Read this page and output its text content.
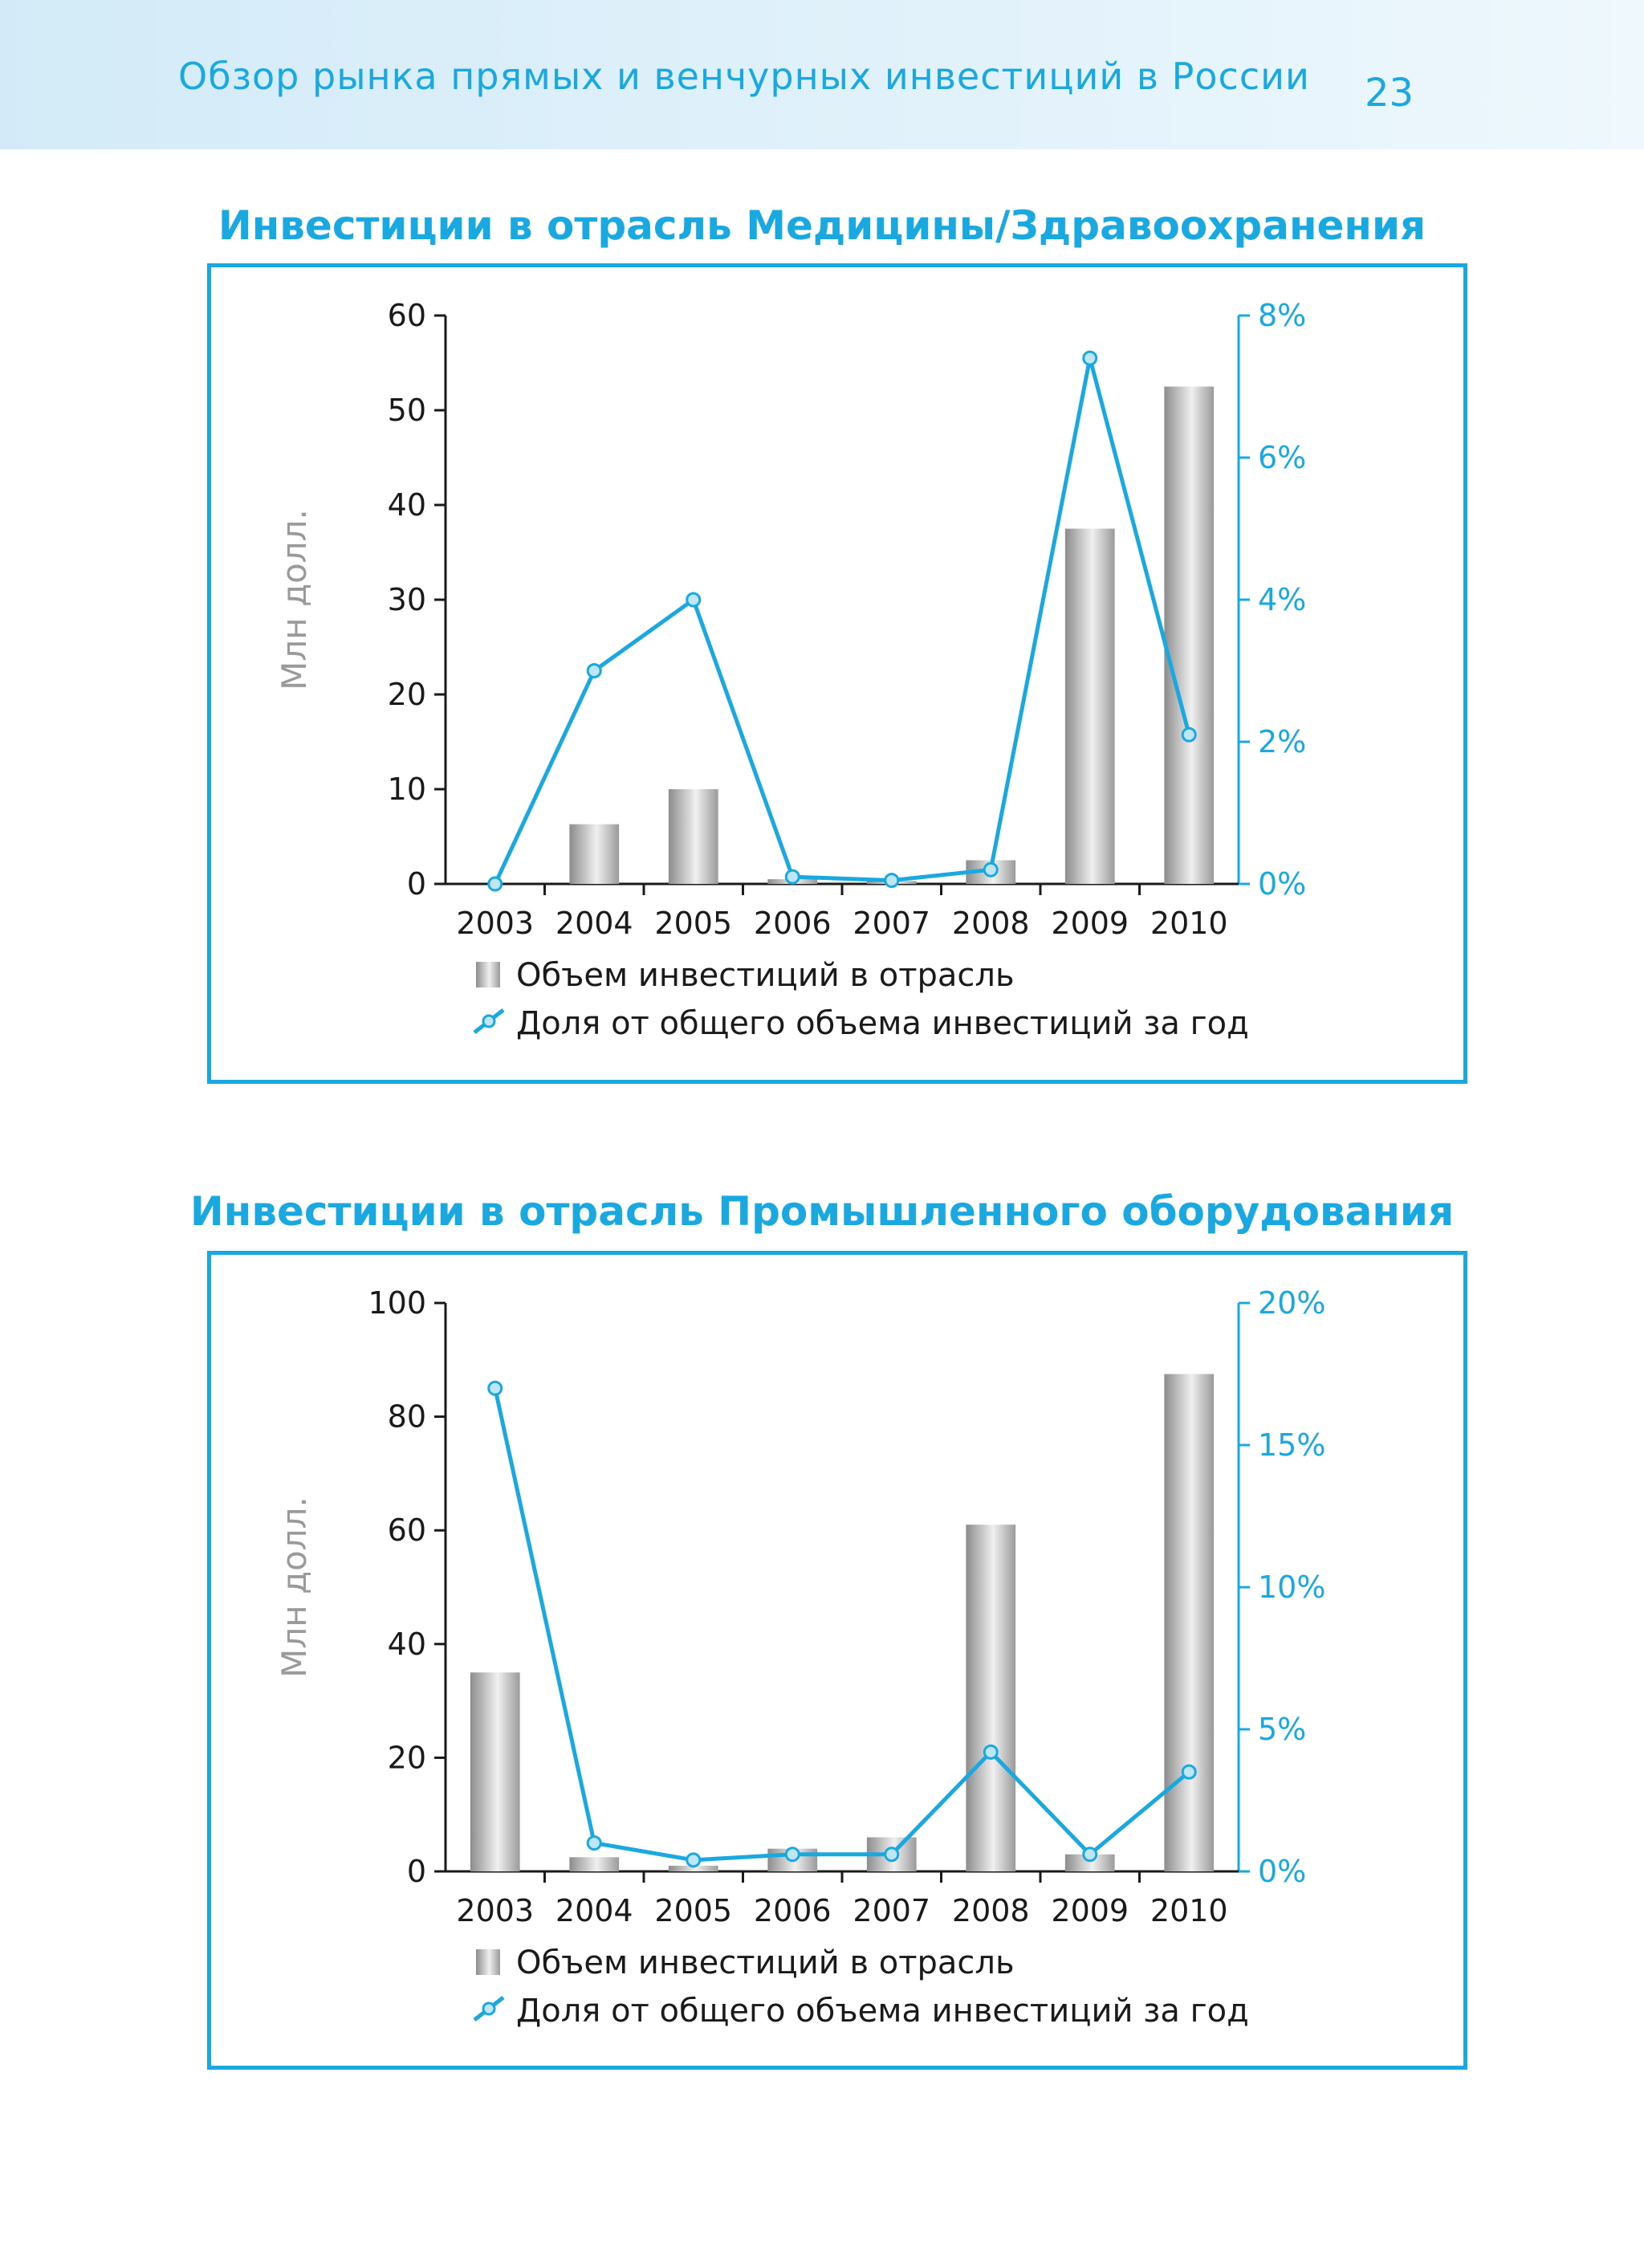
Обзор рынка прямых и венчурных инвестиций в России 23
Инвестиции в отрасль Медицины/Здравоохранения
Млн долл.
0
10
20
30
40
50
60
0%
2%
4%
6%
8%
2003 2004 2005 2006 2007 2008 2009 2010
Объем инвестиций в отрасль
Доля от общего объема инвестиций за год
Инвестиции в отрасль Промышленного оборудования
Млн долл.
0
20
40
60
80
100
0%
5%
10%
15%
20%
2003 2004 2005 2006 2007 2008 2009 2010
Объем инвестиций в отрасль
Доля от общего объема инвестиций за год
